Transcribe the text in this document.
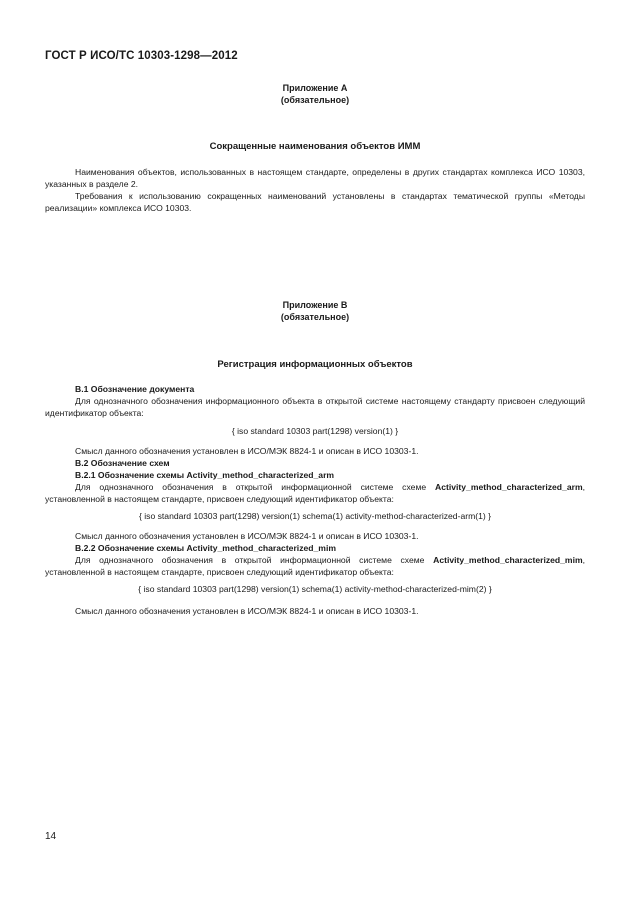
ГОСТ Р ИСО/ТС 10303-1298—2012
Приложение А
(обязательное)
Сокращенные наименования объектов ИММ
Наименования объектов, использованных в настоящем стандарте, определены в других стандартах комплекса ИСО 10303, указанных в разделе 2.
Требования к использованию сокращенных наименований установлены в стандартах тематической группы «Методы реализации» комплекса ИСО 10303.
Приложение В
(обязательное)
Регистрация информационных объектов
В.1 Обозначение документа
Для однозначного обозначения информационного объекта в открытой системе настоящему стандарту присвоен следующий идентификатор объекта:
{ iso standard 10303 part(1298) version(1) }
Смысл данного обозначения установлен в ИСО/МЭК 8824-1 и описан в ИСО 10303-1.
В.2 Обозначение схем
В.2.1 Обозначение схемы Activity_method_characterized_arm
Для однозначного обозначения в открытой информационной системе схеме Activity_method_characterized_arm, установленной в настоящем стандарте, присвоен следующий идентификатор объекта:
{ iso standard 10303 part(1298) version(1) schema(1) activity-method-characterized-arm(1) }
Смысл данного обозначения установлен в ИСО/МЭК 8824-1 и описан в ИСО 10303-1.
В.2.2 Обозначение схемы Activity_method_characterized_mim
Для однозначного обозначения в открытой информационной системе схеме Activity_method_characterized_mim, установленной в настоящем стандарте, присвоен следующий идентификатор объекта:
{ iso standard 10303 part(1298) version(1) schema(1) activity-method-characterized-mim(2) }
Смысл данного обозначения установлен в ИСО/МЭК 8824-1 и описан в ИСО 10303-1.
14
